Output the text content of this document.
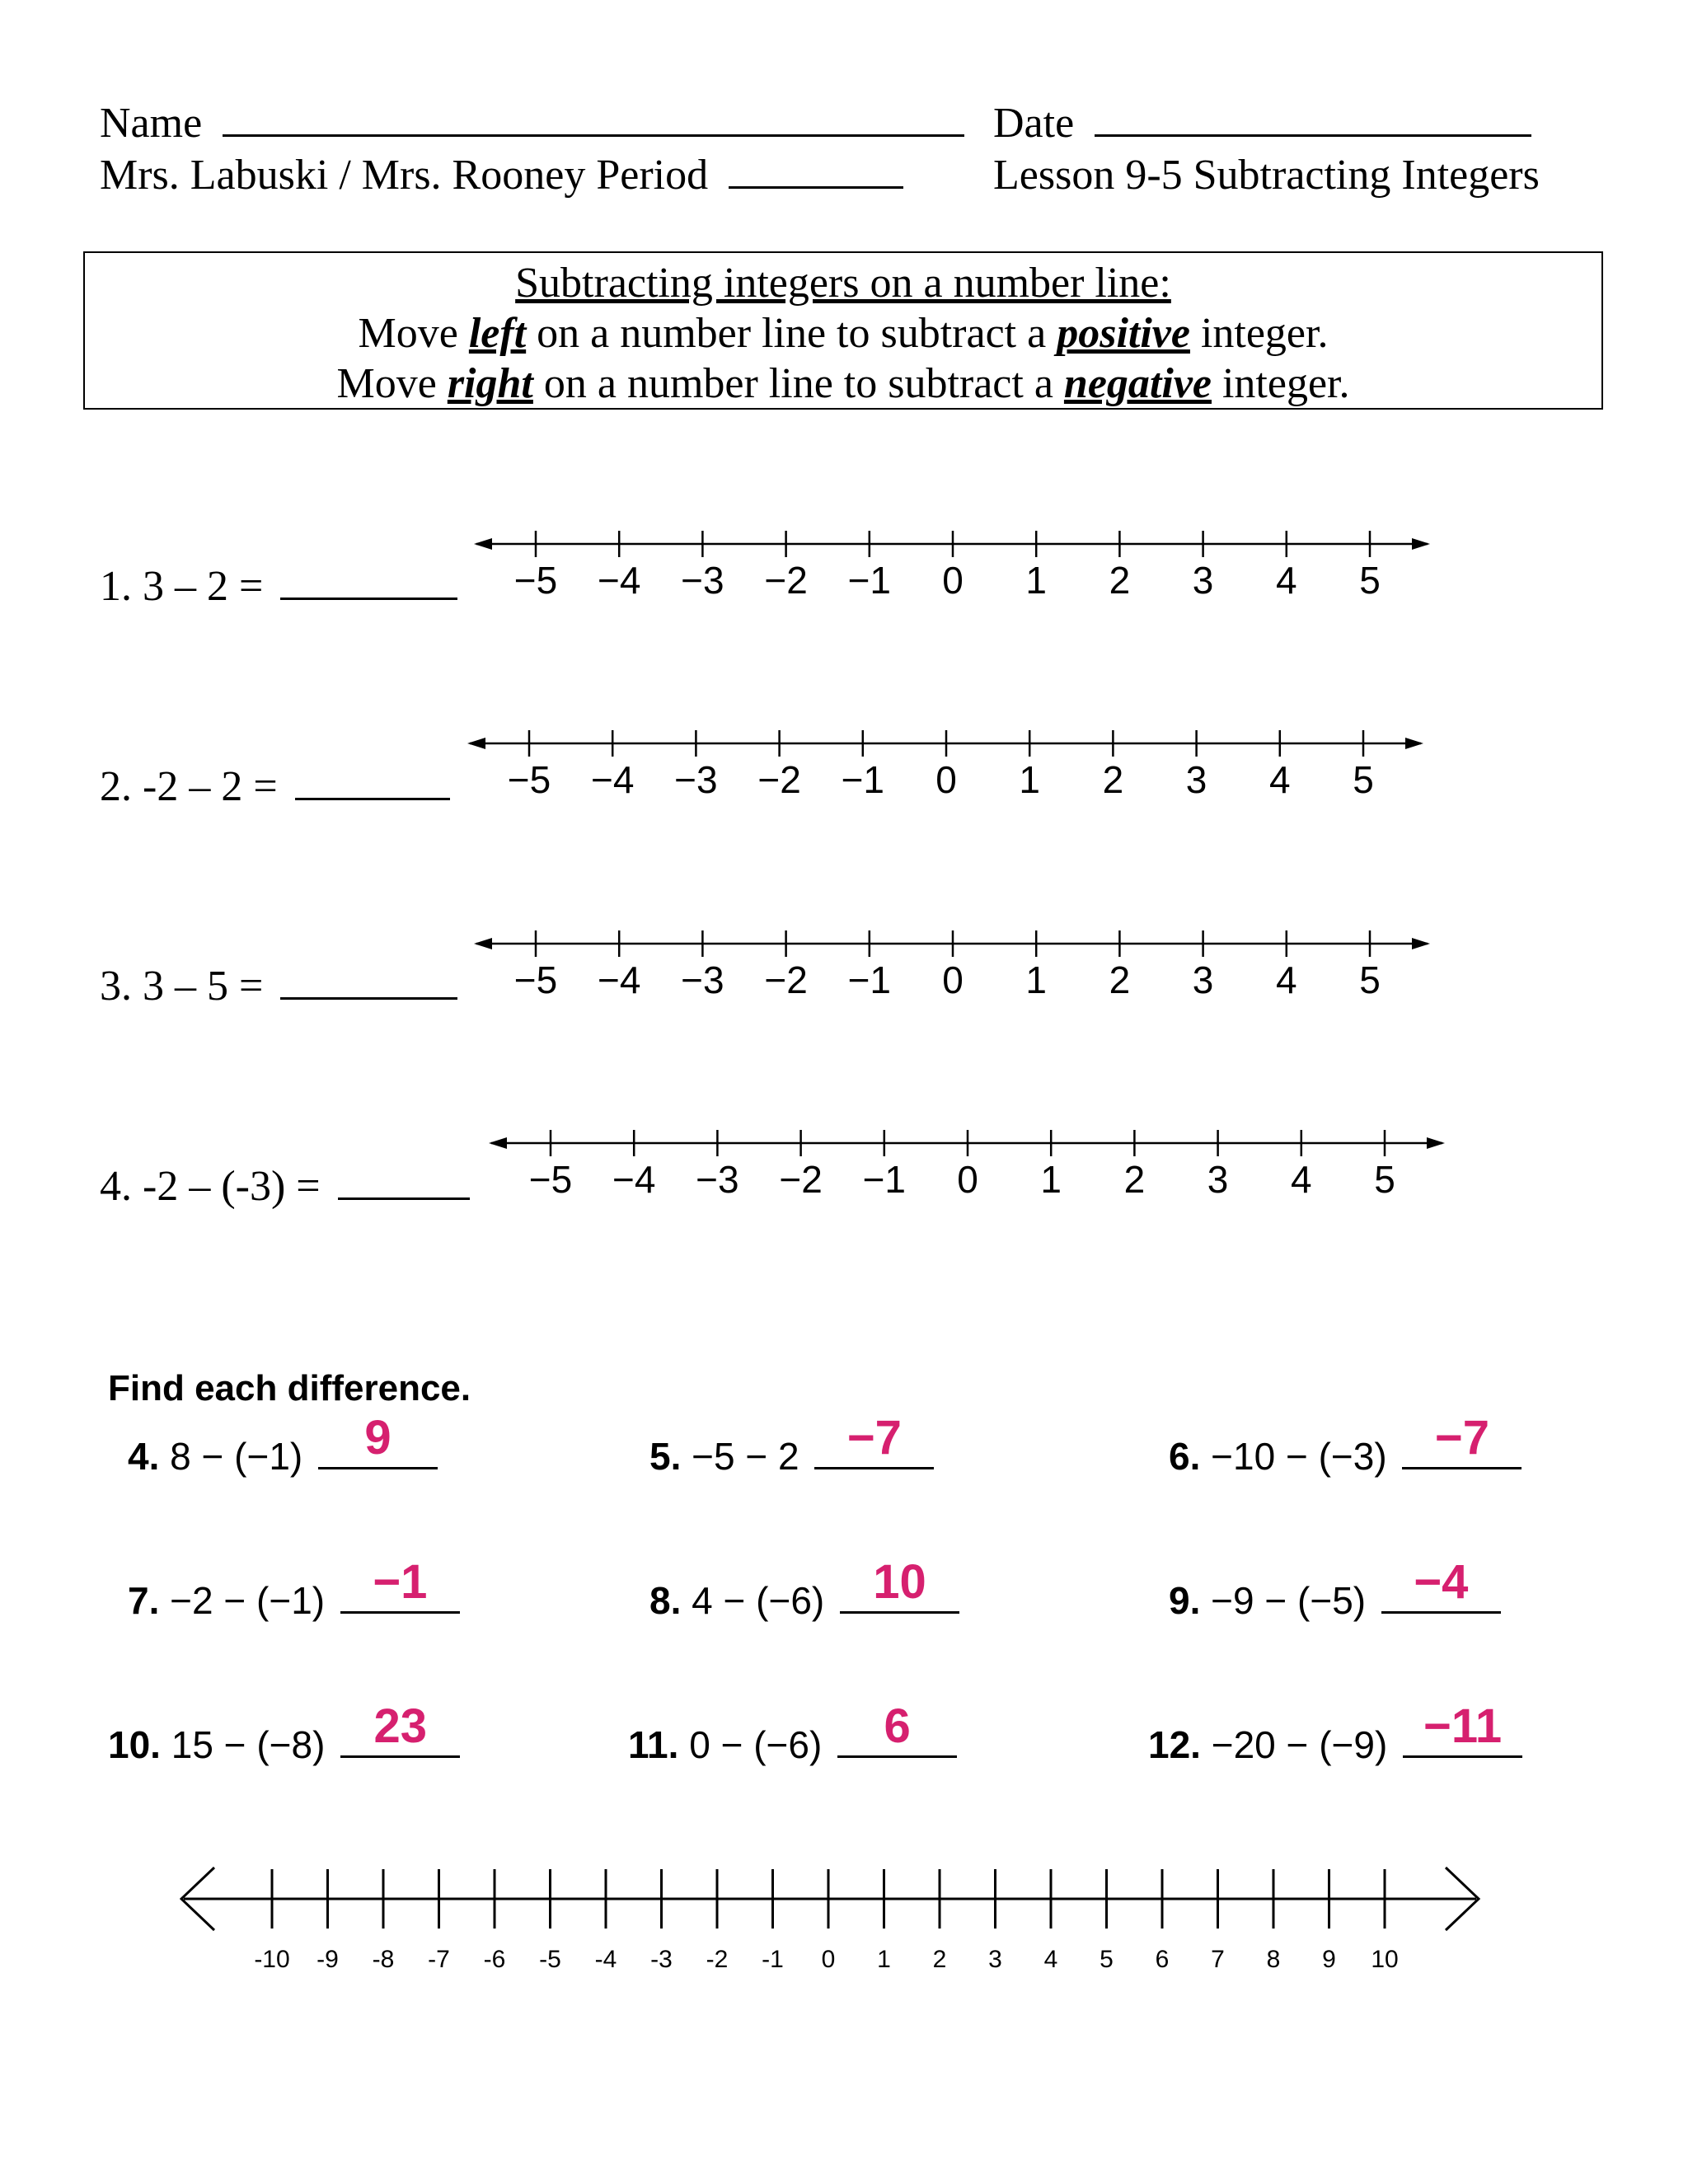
Name	Date
Mrs. Labuski / Mrs. Rooney Period	Lesson 9-5 Subtracting Integers
Subtracting integers on a number line:
Move left on a number line to subtract a positive integer.
Move right on a number line to subtract a negative integer.
1. 3 – 2 =
2. -2 – 2 =
3. 3 – 5 =
4. -2 – (-3) =
−5 −4 −3 −2 −1 0 1 2 3 4 5
−5 −4 −3 −2 −1 0 1 2 3 4 5
−5 −4 −3 −2 −1 0 1 2 3 4 5
−5 −4 −3 −2 −1 0 1 2 3 4 5
Find each difference.
4. 8 − (−1)	9	5. −5 − 2	−7	6. −10 − (−3)	−7
7. −2 − (−1)	−1	8. 4 − (−6)	10	9. −9 − (−5)	−4
10. 15 − (−8)	23	11. 0 − (−6)	6	12. −20 − (−9) −11
-10 -9 -8 -7 -6 -5 -4 -3 -2 -1 0 1 2 3 4 5 6 7 8 9 10
